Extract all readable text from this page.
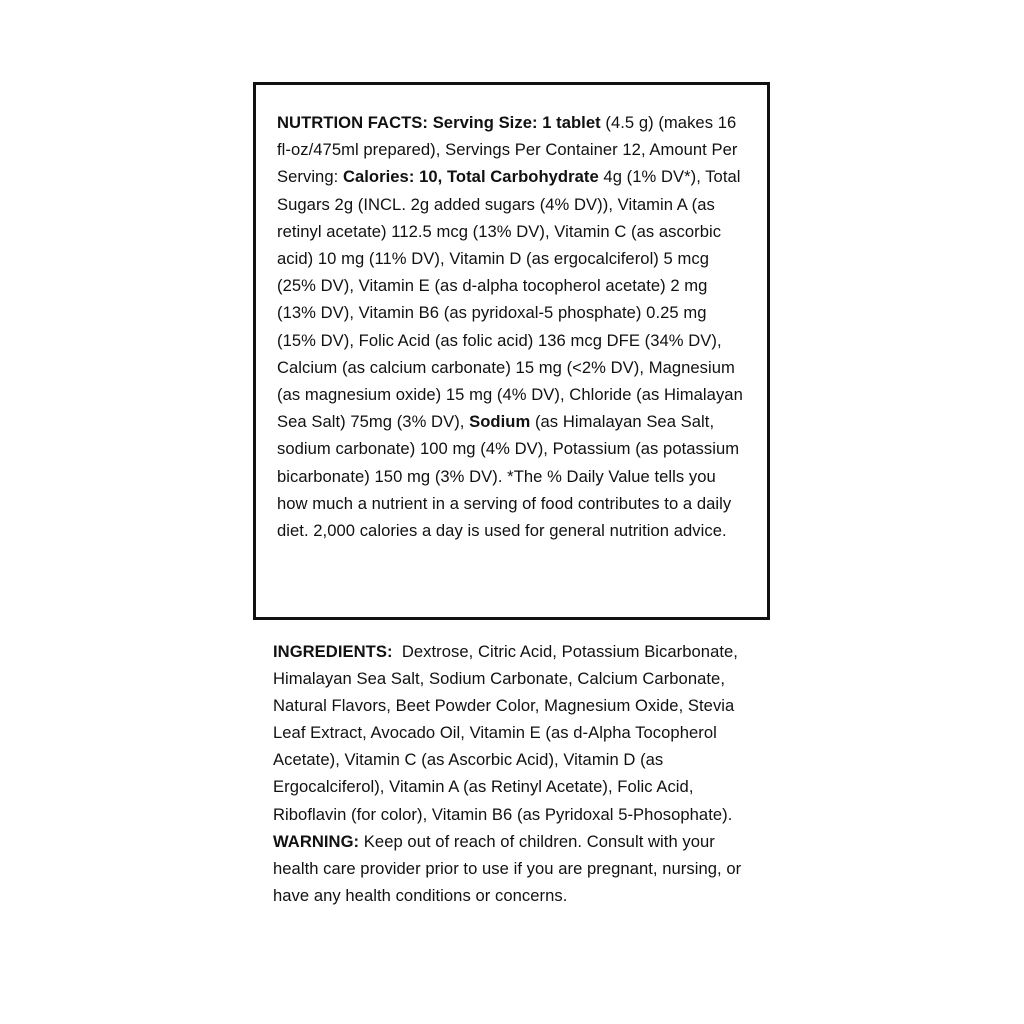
NUTRTION FACTS: Serving Size: 1 tablet (4.5 g) (makes 16 fl-oz/475ml prepared), Servings Per Container 12, Amount Per Serving: Calories: 10, Total Carbohydrate 4g (1% DV*), Total Sugars 2g (INCL. 2g added sugars (4% DV)), Vitamin A (as retinyl acetate) 112.5 mcg (13% DV), Vitamin C (as ascorbic acid) 10 mg (11% DV), Vitamin D (as ergocalciferol) 5 mcg (25% DV), Vitamin E (as d-alpha tocopherol acetate) 2 mg (13% DV), Vitamin B6 (as pyridoxal-5 phosphate) 0.25 mg (15% DV), Folic Acid (as folic acid) 136 mcg DFE (34% DV), Calcium (as calcium carbonate) 15 mg (<2% DV), Magnesium (as magnesium oxide) 15 mg (4% DV), Chloride (as Himalayan Sea Salt) 75mg (3% DV), Sodium (as Himalayan Sea Salt, sodium carbonate) 100 mg (4% DV), Potassium (as potassium bicarbonate) 150 mg (3% DV). *The % Daily Value tells you how much a nutrient in a serving of food contributes to a daily diet. 2,000 calories a day is used for general nutrition advice.

INGREDIENTS: Dextrose, Citric Acid, Potassium Bicarbonate, Himalayan Sea Salt, Sodium Carbonate, Calcium Carbonate, Natural Flavors, Beet Powder Color, Magnesium Oxide, Stevia Leaf Extract, Avocado Oil, Vitamin E (as d-Alpha Tocopherol Acetate), Vitamin C (as Ascorbic Acid), Vitamin D (as Ergocalciferol), Vitamin A (as Retinyl Acetate), Folic Acid, Riboflavin (for color), Vitamin B6 (as Pyridoxal 5-Phosophate). WARNING: Keep out of reach of children. Consult with your health care provider prior to use if you are pregnant, nursing, or have any health conditions or concerns.
